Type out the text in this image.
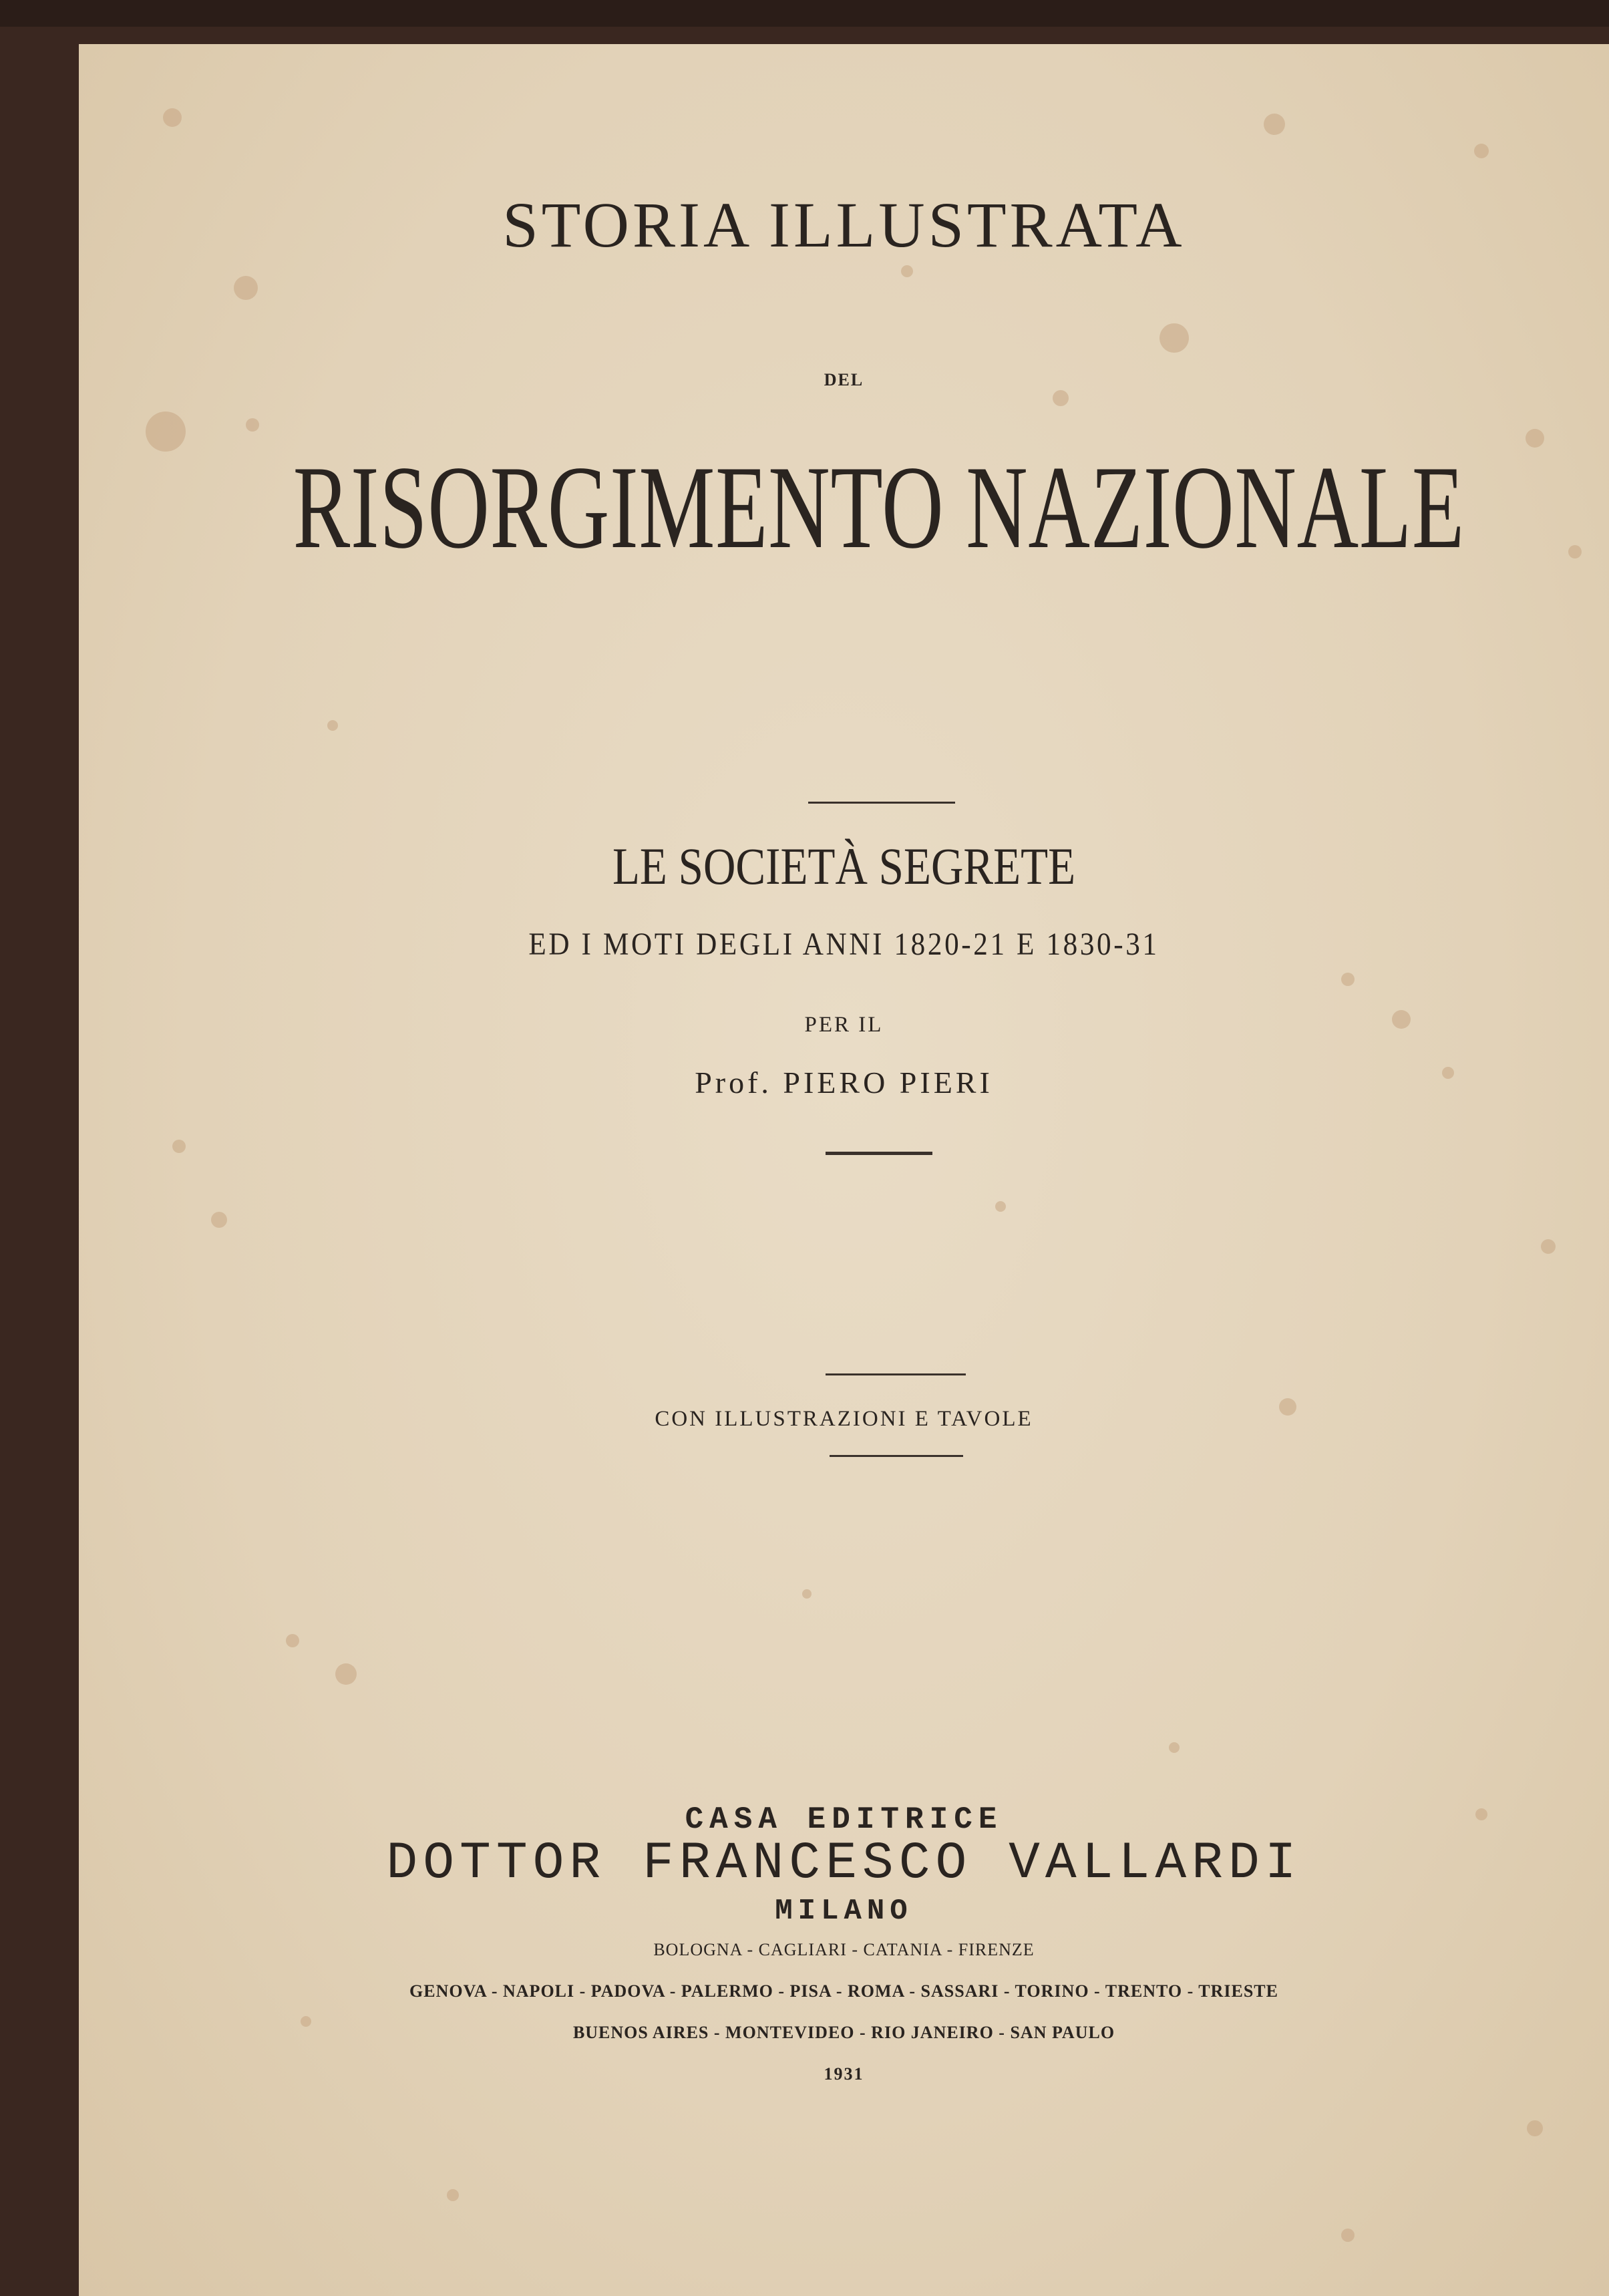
STORIA ILLUSTRATA
DEL
RISORGIMENTO NAZIONALE
LE SOCIETÀ SEGRETE
ED I MOTI DEGLI ANNI 1820-21 E 1830-31
PER IL
Prof. PIERO PIERI
CON ILLUSTRAZIONI E TAVOLE
CASA EDITRICE
DOTTOR FRANCESCO VALLARDI
MILANO
BOLOGNA - CAGLIARI - CATANIA - FIRENZE
GENOVA - NAPOLI - PADOVA - PALERMO - PISA - ROMA - SASSARI - TORINO - TRENTO - TRIESTE
BUENOS AIRES - MONTEVIDEO - RIO JANEIRO - SAN PAULO
1931
